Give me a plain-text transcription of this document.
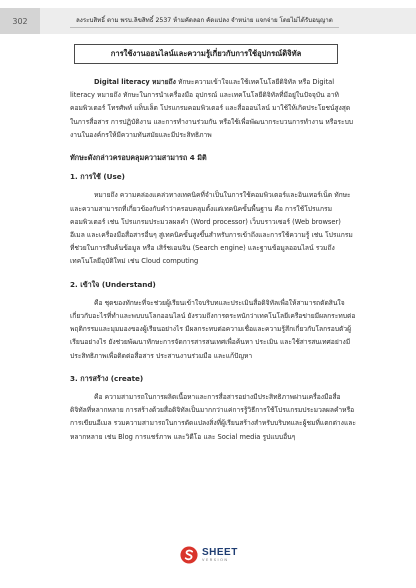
302	ลงระบสิทธิ์ ตาม พรบ.ลิขสิทธิ์ 2537 ห้ามคัดลอก คัดแปลง จำหน่าย แจกจ่าย โดยไม่ได้รับอนุญาต
การใช้งานออนไลน์และความรู้เกี่ยวกับการใช้อุปกรณ์ดิจิทัล

Digital literacy หมายถึง ทักษะความเข้าใจและใช้เทคโนโลยีดิจิทัล หรือ Digital literacy หมายถึง ทักษะในการนำเครื่องมือ อุปกรณ์ และเทคโนโลยีดิจิทัลที่มีอยู่ในปัจจุบัน อาทิ คอมพิวเตอร์ โทรศัพท์ แท็บเล็ต โปรแกรมคอมพิวเตอร์ และสื่อออนไลน์ มาใช้ให้เกิดประโยชน์สูงสุด ในการสื่อสาร การปฏิบัติงาน และการทำงานร่วมกัน หรือใช้เพื่อพัฒนากระบวนการทำงาน หรือระบบงานในองค์กรให้มีความทันสมัยและมีประสิทธิภาพ

ทักษะดังกล่าวครอบคลุมความสามารถ 4 มิติ

1. การใช้ (Use)

หมายถึง ความคล่องแคล่วทางเทคนิคที่จำเป็นในการใช้คอมพิวเตอร์และอินเทอร์เน็ต ทักษะและความสามารถที่เกี่ยวข้องกับคำว่าครอบคลุมตั้งแต่เทคนิคขั้นพื้นฐาน คือ การใช้โปรแกรมคอมพิวเตอร์ เช่น โปรแกรมประมวลผลคำ (Word processor) เว็บบราวเซอร์ (Web browser) อีเมล และเครื่องมือสื่อสารอื่นๆ สู่เทคนิคขั้นสูงขึ้นสำหรับการเข้าถึงและการใช้ความรู้ เช่น โปรแกรมที่ช่วยในการสืบค้นข้อมูล หรือ เสิร์ชเอนจิน (Search engine) และฐานข้อมูลออนไลน์ รวมถึงเทคโนโลยีอุบัติใหม่ เช่น Cloud computing

2. เข้าใจ (Understand)

คือ ชุดของทักษะที่จะช่วยผู้เรียนเข้าใจบริบทและประเมินสื่อดิจิทัลเพื่อให้สามารถตัดสินใจเกี่ยวกับอะไรที่ทำและพบบนโลกออนไลน์ ยังรวมถึงการตระหนักว่าเทคโนโลยีเครือข่ายมีผลกระทบต่อพฤติกรรมและมุมมองของผู้เรียนอย่างไร มีผลกระทบต่อความเชื่อและความรู้สึกเกี่ยวกับโลกรอบตัวผู้เรียนอย่างไร ยังช่วยพัฒนาทักษะการจัดการสารสนเทศเพื่อค้นหา ประเมิน และใช้สารสนเทศอย่างมีประสิทธิภาพเพื่อติดต่อสื่อสาร ประสานงานร่วมมือ และแก้ปัญหา

3. การสร้าง (create)

คือ ความสามารถในการผลิตเนื้อหาและการสื่อสารอย่างมีประสิทธิภาพผ่านเครื่องมือสื่อดิจิทัลที่หลากหลาย การสร้างด้วยสื่อดิจิทัลเป็นมากกว่าแค่การรู้วิธีการใช้โปรแกรมประมวลผลคำหรือการเขียนอีเมล รวมความสามารถในการดัดแปลงสิ่งที่ผู้เรียนสร้างสำหรับบริบทและผู้ชมที่แตกต่างและหลากหลาย เช่น Blog การแชร์ภาพ และวิดีโอ และ Social media รูปแบบอื่นๆ

SHEET
VERSION
